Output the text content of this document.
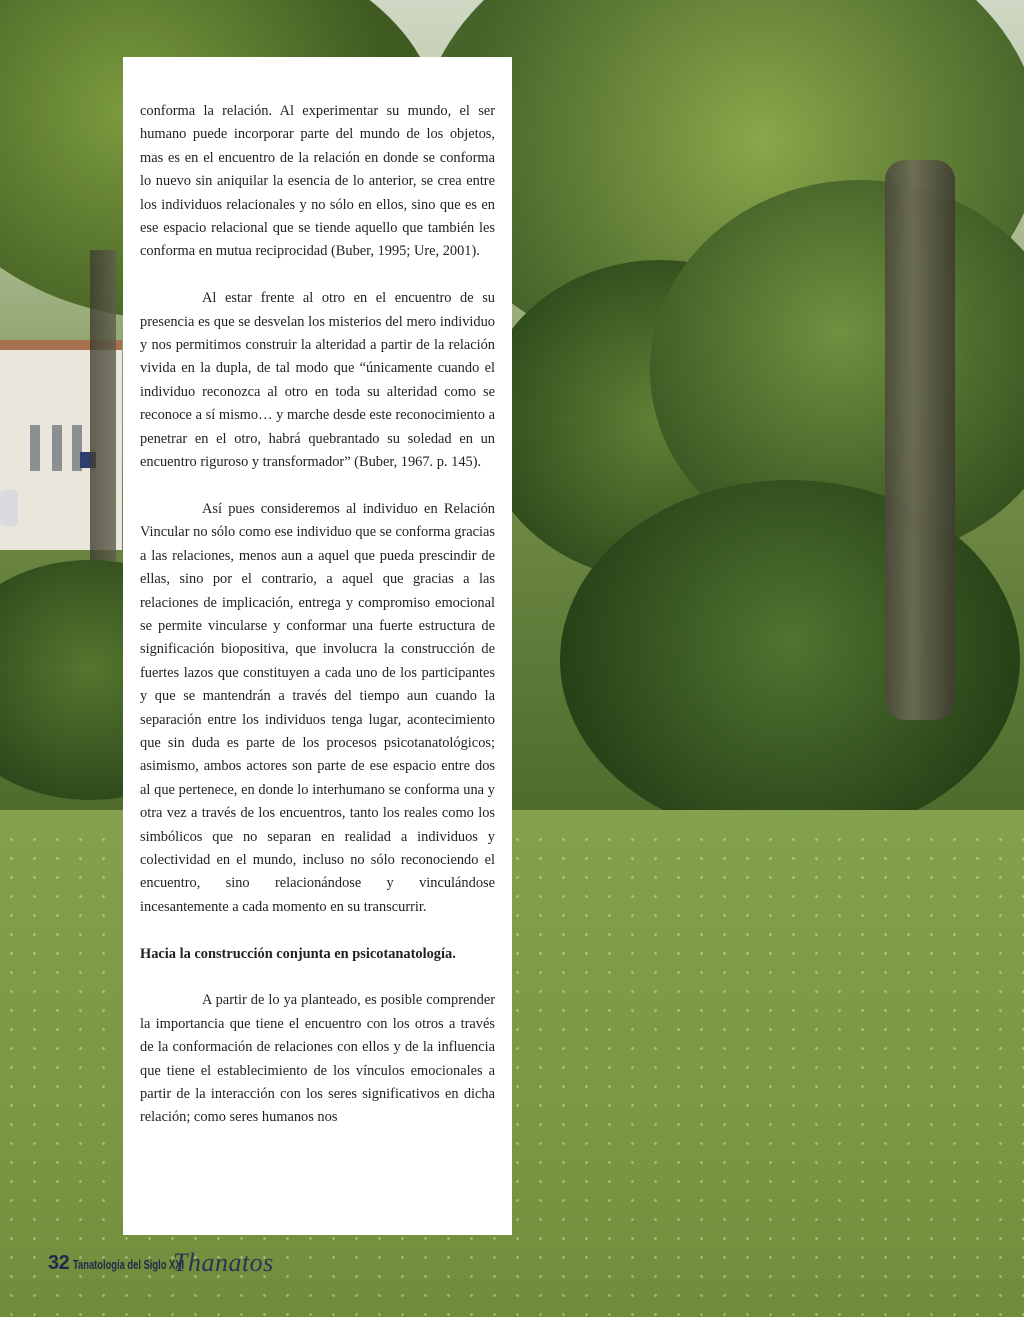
conforma la relación. Al experimentar su mundo, el ser humano puede incorporar parte del mundo de los objetos, mas es en el encuentro de la relación en donde se conforma lo nuevo sin aniquilar la esencia de lo anterior, se crea entre los individuos relacionales y no sólo en ellos, sino que es en ese espacio relacional que se tiende aquello que también les conforma en mutua reciprocidad (Buber, 1995; Ure, 2001).

Al estar frente al otro en el encuentro de su presencia es que se desvelan los misterios del mero individuo y nos permitimos construir la alteridad a partir de la relación vivida en la dupla, de tal modo que “únicamente cuando el individuo reconozca al otro en toda su alteridad como se reconoce a sí mismo… y marche desde este reconocimiento a penetrar en el otro, habrá quebrantado su soledad en un encuentro riguroso y transformador” (Buber, 1967. p. 145).

Así pues consideremos al individuo en Relación Vincular no sólo como ese individuo que se conforma gracias a las relaciones, menos aun a aquel que pueda prescindir de ellas, sino por el contrario, a aquel que gracias a las relaciones de implicación, entrega y compromiso emocional se permite vincularse y conformar una fuerte estructura de significación biopositiva, que involucra la construcción de fuertes lazos que constituyen a cada uno de los participantes y que se mantendrán a través del tiempo aun cuando la separación entre los individuos tenga lugar, acontecimiento que sin duda es parte de los procesos psicotanatológicos; asimismo, ambos actores son parte de ese espacio entre dos al que pertenece, en donde lo interhumano se conforma una y otra vez a través de los encuentros, tanto los reales como los simbólicos que no separan en realidad a individuos y colectividad en el mundo, incluso no sólo reconociendo el encuentro, sino relacionándose y vinculándose incesantemente a cada momento en su transcurrir.

Hacia la construcción conjunta en psicotanatología.

A partir de lo ya planteado, es posible comprender la importancia que tiene el encuentro con los otros a través de la conformación de relaciones con ellos y de la influencia que tiene el establecimiento de los vínculos emocionales a partir de la interacción con los seres significativos en dicha relación; como seres humanos nos

32 Tanatología del Siglo XXI
Thanatos
